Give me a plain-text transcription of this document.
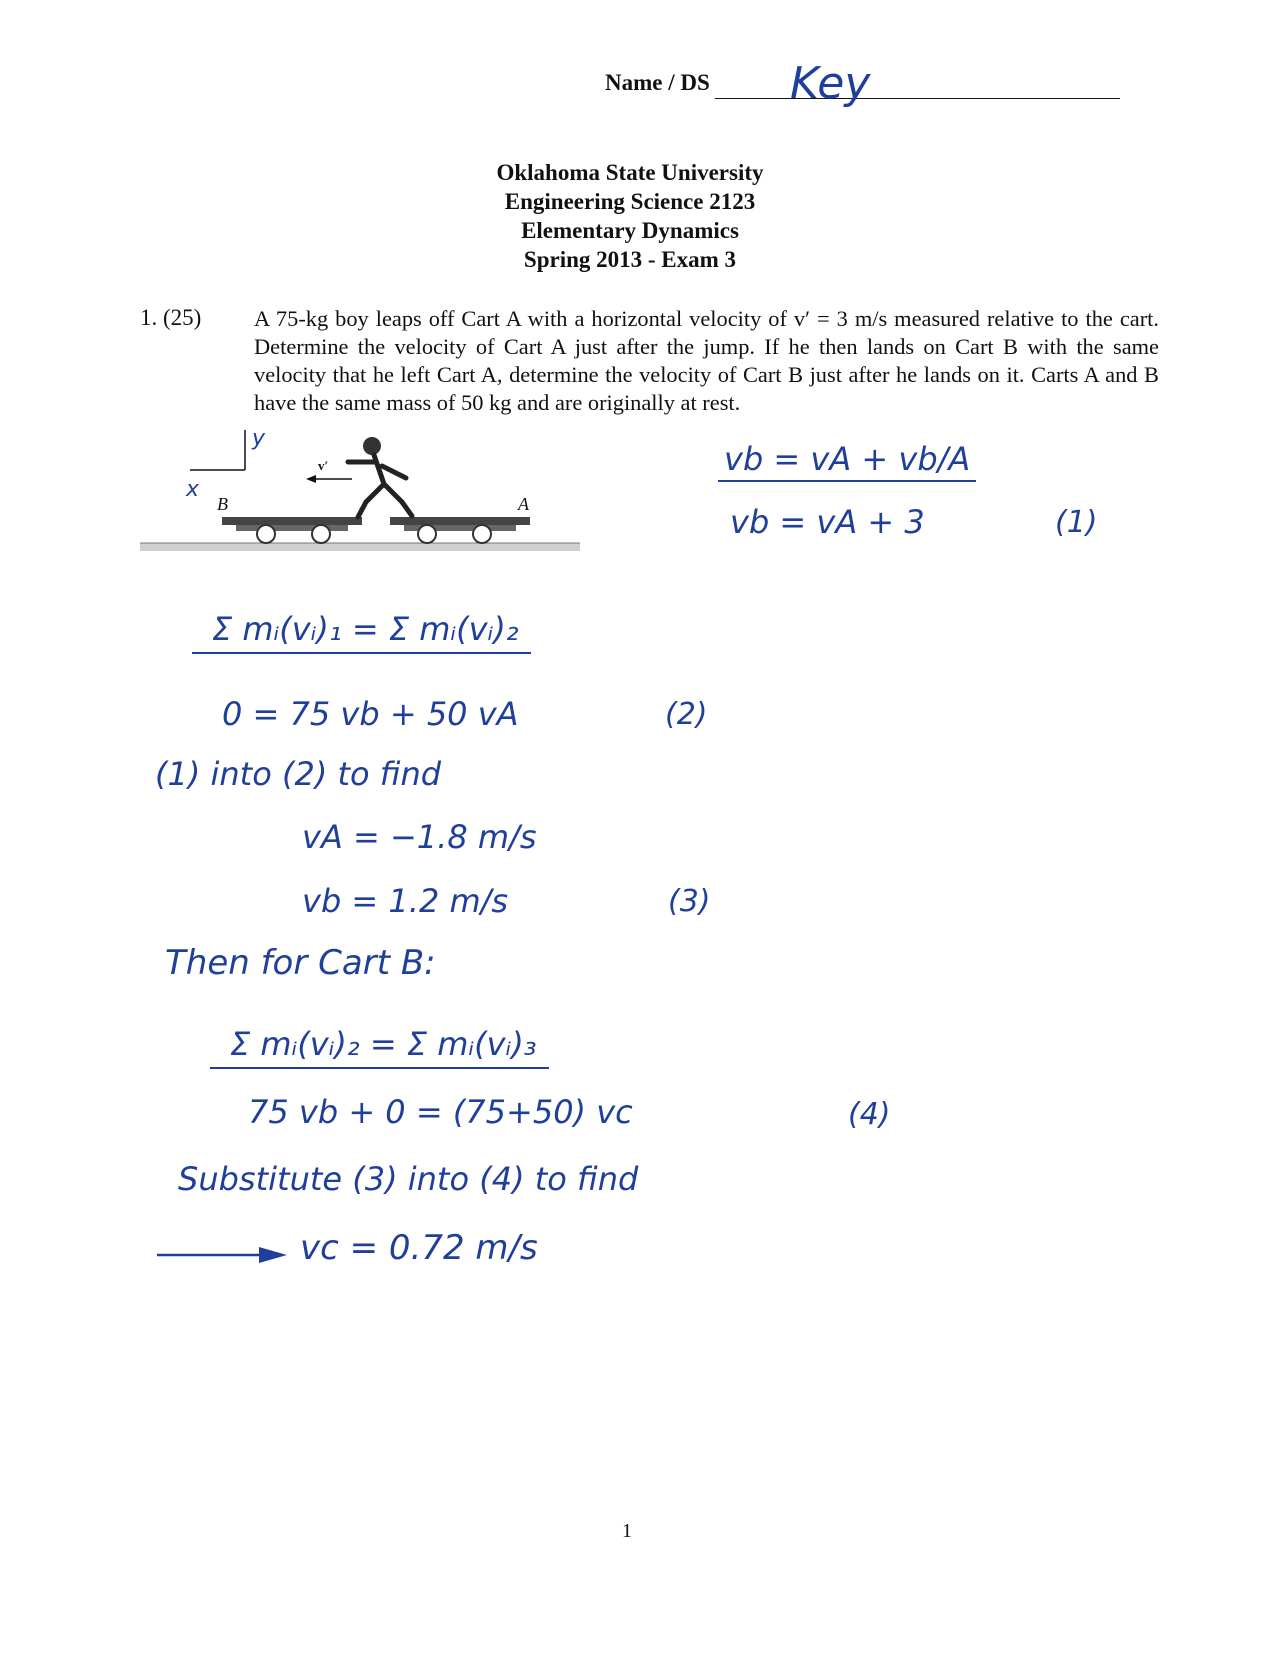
Name / DS Key
Oklahoma State University
Engineering Science 2123
Elementary Dynamics
Spring 2013 - Exam 3
1. (25) A 75-kg boy leaps off Cart A with a horizontal velocity of v′ = 3 m/s measured relative to the cart. Determine the velocity of Cart A just after the jump. If he then lands on Cart B with the same velocity that he left Cart A, determine the velocity of Cart B just after he lands on it. Carts A and B have the same mass of 50 kg and are originally at rest.
y
x
B	A
v′	vb = vA + vb/A
vb = vA + 3	(1)
Σ mᵢ(vᵢ)₁ = Σ mᵢ(vᵢ)₂
0 = 75 vb + 50 vA	(2)
(1) into (2) to find
vA = −1.8 m/s
vb = 1.2 m/s	(3)
Then for Cart B:
Σ mᵢ(vᵢ)₂ = Σ mᵢ(vᵢ)₃
75 vb + 0 = (75+50) vc	(4)
Substitute (3) into (4) to find
vc = 0.72 m/s
1
